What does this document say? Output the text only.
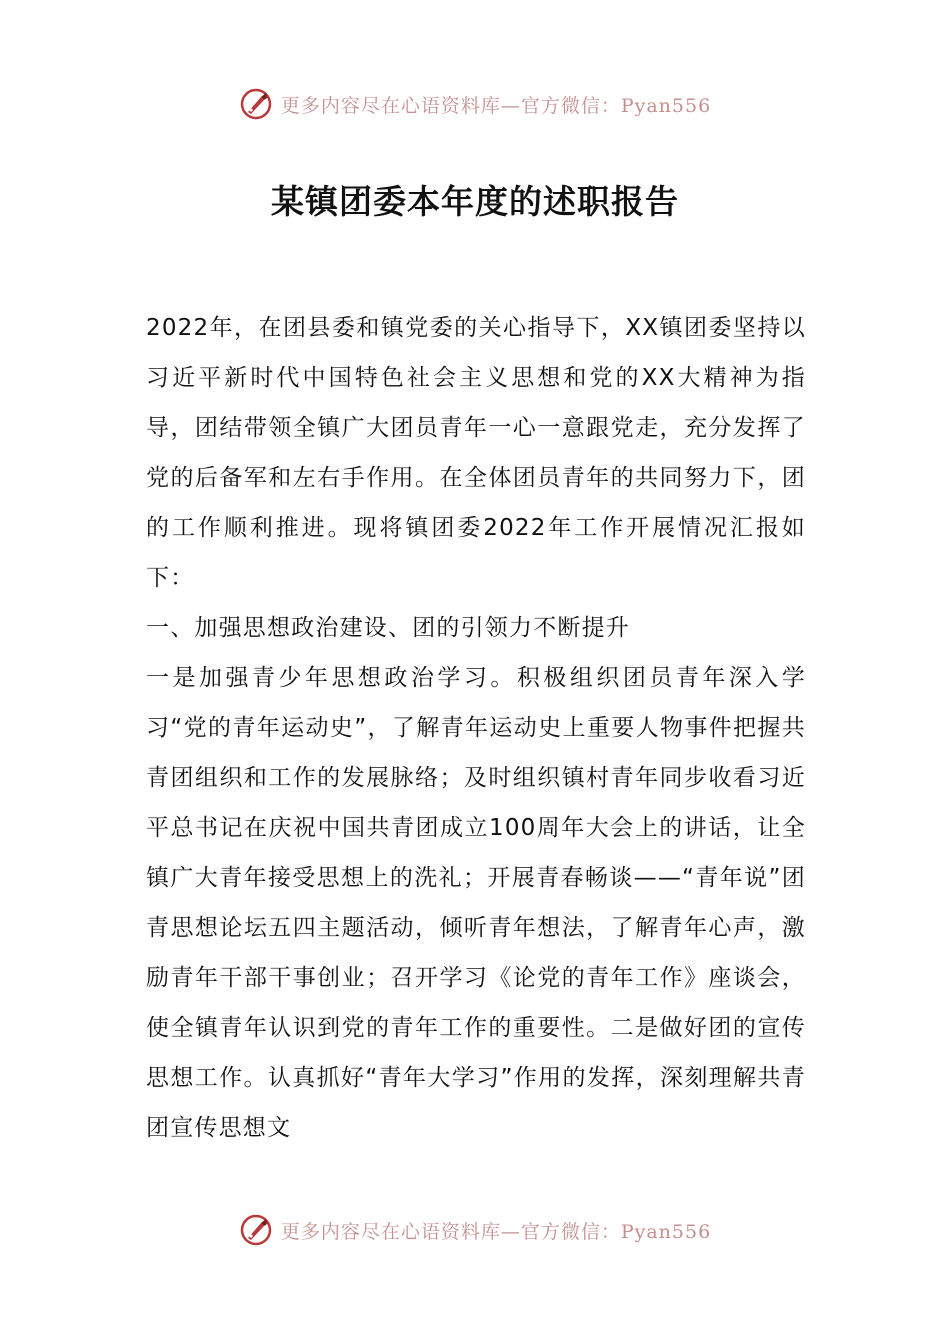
更多内容尽在心语资料库—官方微信：Pyan556
某镇团委本年度的述职报告

2022年，在团县委和镇党委的关心指导下，XX镇团委坚持以习近平新时代中国特色社会主义思想和党的XX大精神为指导，团结带领全镇广大团员青年一心一意跟党走，充分发挥了党的后备军和左右手作用。在全体团员青年的共同努力下，团的工作顺利推进。现将镇团委2022年工作开展情况汇报如下：

一、加强思想政治建设、团的引领力不断提升

一是加强青少年思想政治学习。积极组织团员青年深入学习“党的青年运动史”，了解青年运动史上重要人物事件把握共青团组织和工作的发展脉络；及时组织镇村青年同步收看习近平总书记在庆祝中国共青团成立100周年大会上的讲话，让全镇广大青年接受思想上的洗礼；开展青春畅谈——“青年说”团青思想论坛五四主题活动，倾听青年想法，了解青年心声，激励青年干部干事创业；召开学习《论党的青年工作》座谈会，使全镇青年认识到党的青年工作的重要性。二是做好团的宣传思想工作。认真抓好“青年大学习”作用的发挥，深刻理解共青团宣传思想文

更多内容尽在心语资料库—官方微信：Pyan556
